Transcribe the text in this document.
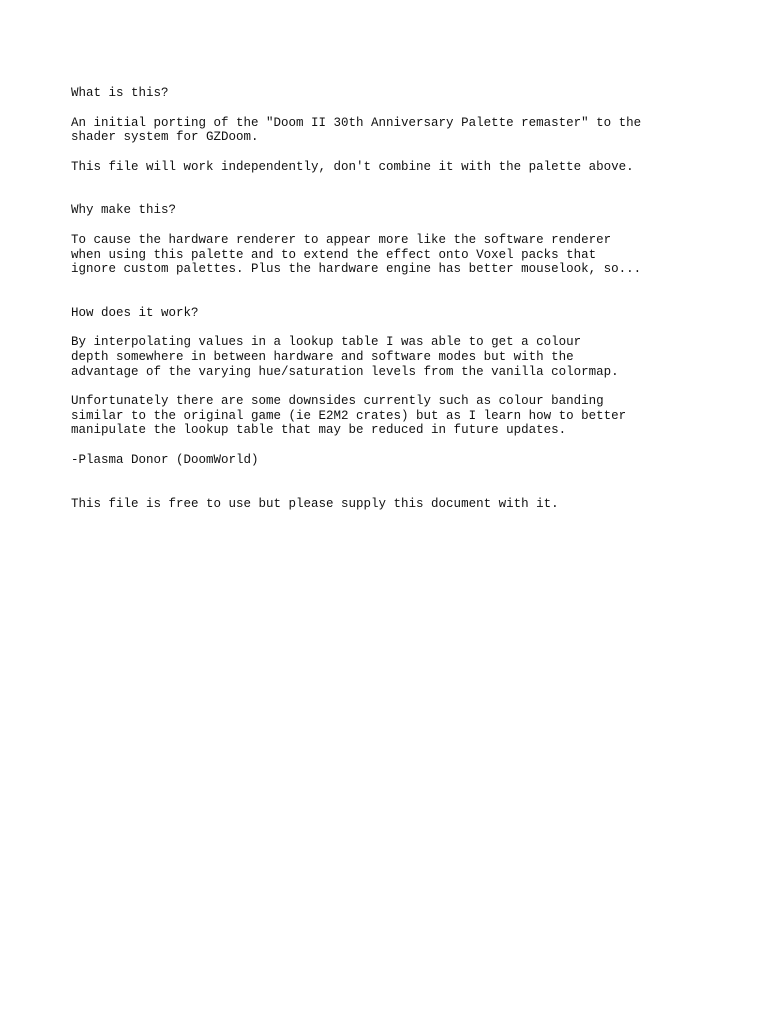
What is this?

An initial porting of the "Doom II 30th Anniversary Palette remaster" to the
shader system for GZDoom.

This file will work independently, don't combine it with the palette above.

Why make this?

To cause the hardware renderer to appear more like the software renderer
when using this palette and to extend the effect onto Voxel packs that
ignore custom palettes. Plus the hardware engine has better mouselook, so...

How does it work?

By interpolating values in a lookup table I was able to get a colour
depth somewhere in between hardware and software modes but with the
advantage of the varying hue/saturation levels from the vanilla colormap.

Unfortunately there are some downsides currently such as colour banding
similar to the original game (ie E2M2 crates) but as I learn how to better
manipulate the lookup table that may be reduced in future updates.

-Plasma Donor (DoomWorld)

This file is free to use but please supply this document with it.
